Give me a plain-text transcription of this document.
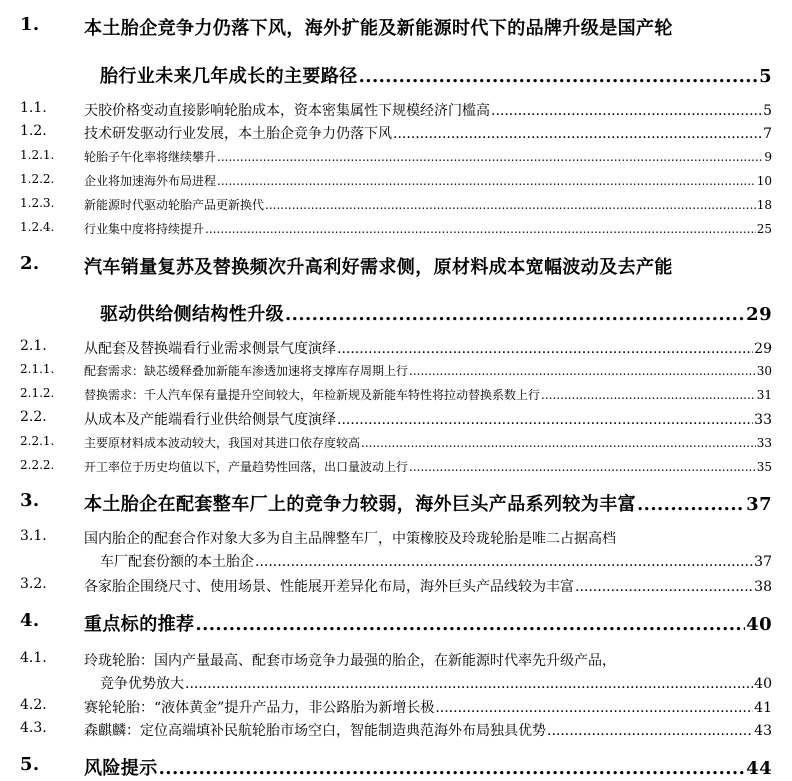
1. 本土胎企竞争力仍落下风，海外扩能及新能源时代下的品牌升级是国产轮
胎行业未来几年成长的主要路径 .....	5
1.1.	天胶价格变动直接影响轮胎成本，资本密集属性下规模经济门槛高 .....	5
1.2.	技术研发驱动行业发展，本土胎企竞争力仍落下风 .....	7
1.2.1. 轮胎子午化率将继续攀升 .....	9
1.2.2. 企业将加速海外布局进程 .....	10
1.2.3. 新能源时代驱动轮胎产品更新换代 .....	18
1.2.4. 行业集中度将持续提升 .....	25
2. 汽车销量复苏及替换频次升高利好需求侧，原材料成本宽幅波动及去产能
驱动供给侧结构性升级 .....	29
2.1.	从配套及替换端看行业需求侧景气度演绎 .....	29
2.1.1. 配套需求：缺芯缓释叠加新能车渗透加速将支撑库存周期上行 .....	30
2.1.2. 替换需求：千人汽车保有量提升空间较大，年检新规及新能车特性将拉动替换系数上行 .....	31
2.2.	从成本及产能端看行业供给侧景气度演绎 .....	33
2.2.1. 主要原材料成本波动较大，我国对其进口依存度较高 .....	33
2.2.2. 开工率位于历史均值以下，产量趋势性回落，出口量波动上行 .....	35
3. 本土胎企在配套整车厂上的竞争力较弱，海外巨头产品系列较为丰富 .....	37
3.1.	国内胎企的配套合作对象大多为自主品牌整车厂，中策橡胶及玲珑轮胎是唯二占据高档
车厂配套份额的本土胎企 .....	37
3.2.	各家胎企围绕尺寸、使用场景、性能展开差异化布局，海外巨头产品线较为丰富 .....	38
4. 重点标的推荐 .....	40
4.1.	玲珑轮胎：国内产量最高、配套市场竞争力最强的胎企，在新能源时代率先升级产品，
竞争优势放大 .....	40
4.2.	赛轮轮胎：“液体黄金”提升产品力，非公路胎为新增长极 .....	41
4.3.	森麒麟：定位高端填补民航轮胎市场空白，智能制造典范海外布局独具优势 .....	43
5. 风险提示 .....	44
